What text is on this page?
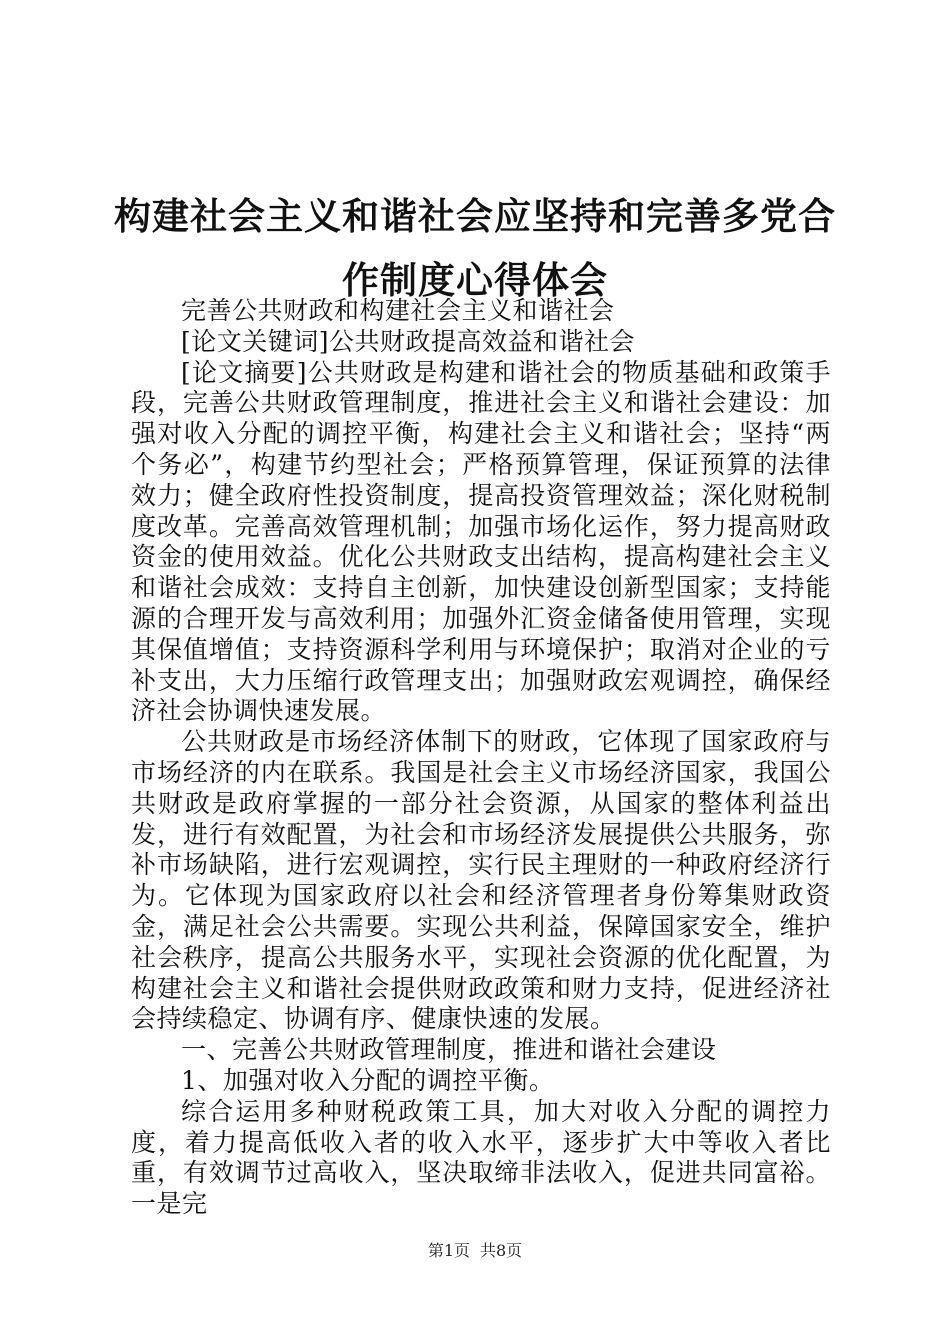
构建社会主义和谐社会应坚持和完善多党合作制度心得体会

完善公共财政和构建社会主义和谐社会

[论文关键词]公共财政提高效益和谐社会

[论文摘要]公共财政是构建和谐社会的物质基础和政策手段，完善公共财政管理制度，推进社会主义和谐社会建设：加强对收入分配的调控平衡，构建社会主义和谐社会；坚持“两个务必”，构建节约型社会；严格预算管理，保证预算的法律效力；健全政府性投资制度，提高投资管理效益；深化财税制度改革。完善高效管理机制；加强市场化运作，努力提高财政资金的使用效益。优化公共财政支出结构，提高构建社会主义和谐社会成效：支持自主创新，加快建设创新型国家；支持能源的合理开发与高效利用；加强外汇资金储备使用管理，实现其保值增值；支持资源科学利用与环境保护；取消对企业的亏补支出，大力压缩行政管理支出；加强财政宏观调控，确保经济社会协调快速发展。

公共财政是市场经济体制下的财政，它体现了国家政府与市场经济的内在联系。我国是社会主义市场经济国家，我国公共财政是政府掌握的一部分社会资源，从国家的整体利益出发，进行有效配置，为社会和市场经济发展提供公共服务，弥补市场缺陷，进行宏观调控，实行民主理财的一种政府经济行为。它体现为国家政府以社会和经济管理者身份筹集财政资金，满足社会公共需要。实现公共利益，保障国家安全，维护社会秩序，提高公共服务水平，实现社会资源的优化配置，为构建社会主义和谐社会提供财政政策和财力支持，促进经济社会持续稳定、协调有序、健康快速的发展。

一、完善公共财政管理制度，推进和谐社会建设

1、加强对收入分配的调控平衡。

综合运用多种财税政策工具，加大对收入分配的调控力度，着力提高低收入者的收入水平，逐步扩大中等收入者比重，有效调节过高收入，坚决取缔非法收入，促进共同富裕。一是完

第1页 共8页
